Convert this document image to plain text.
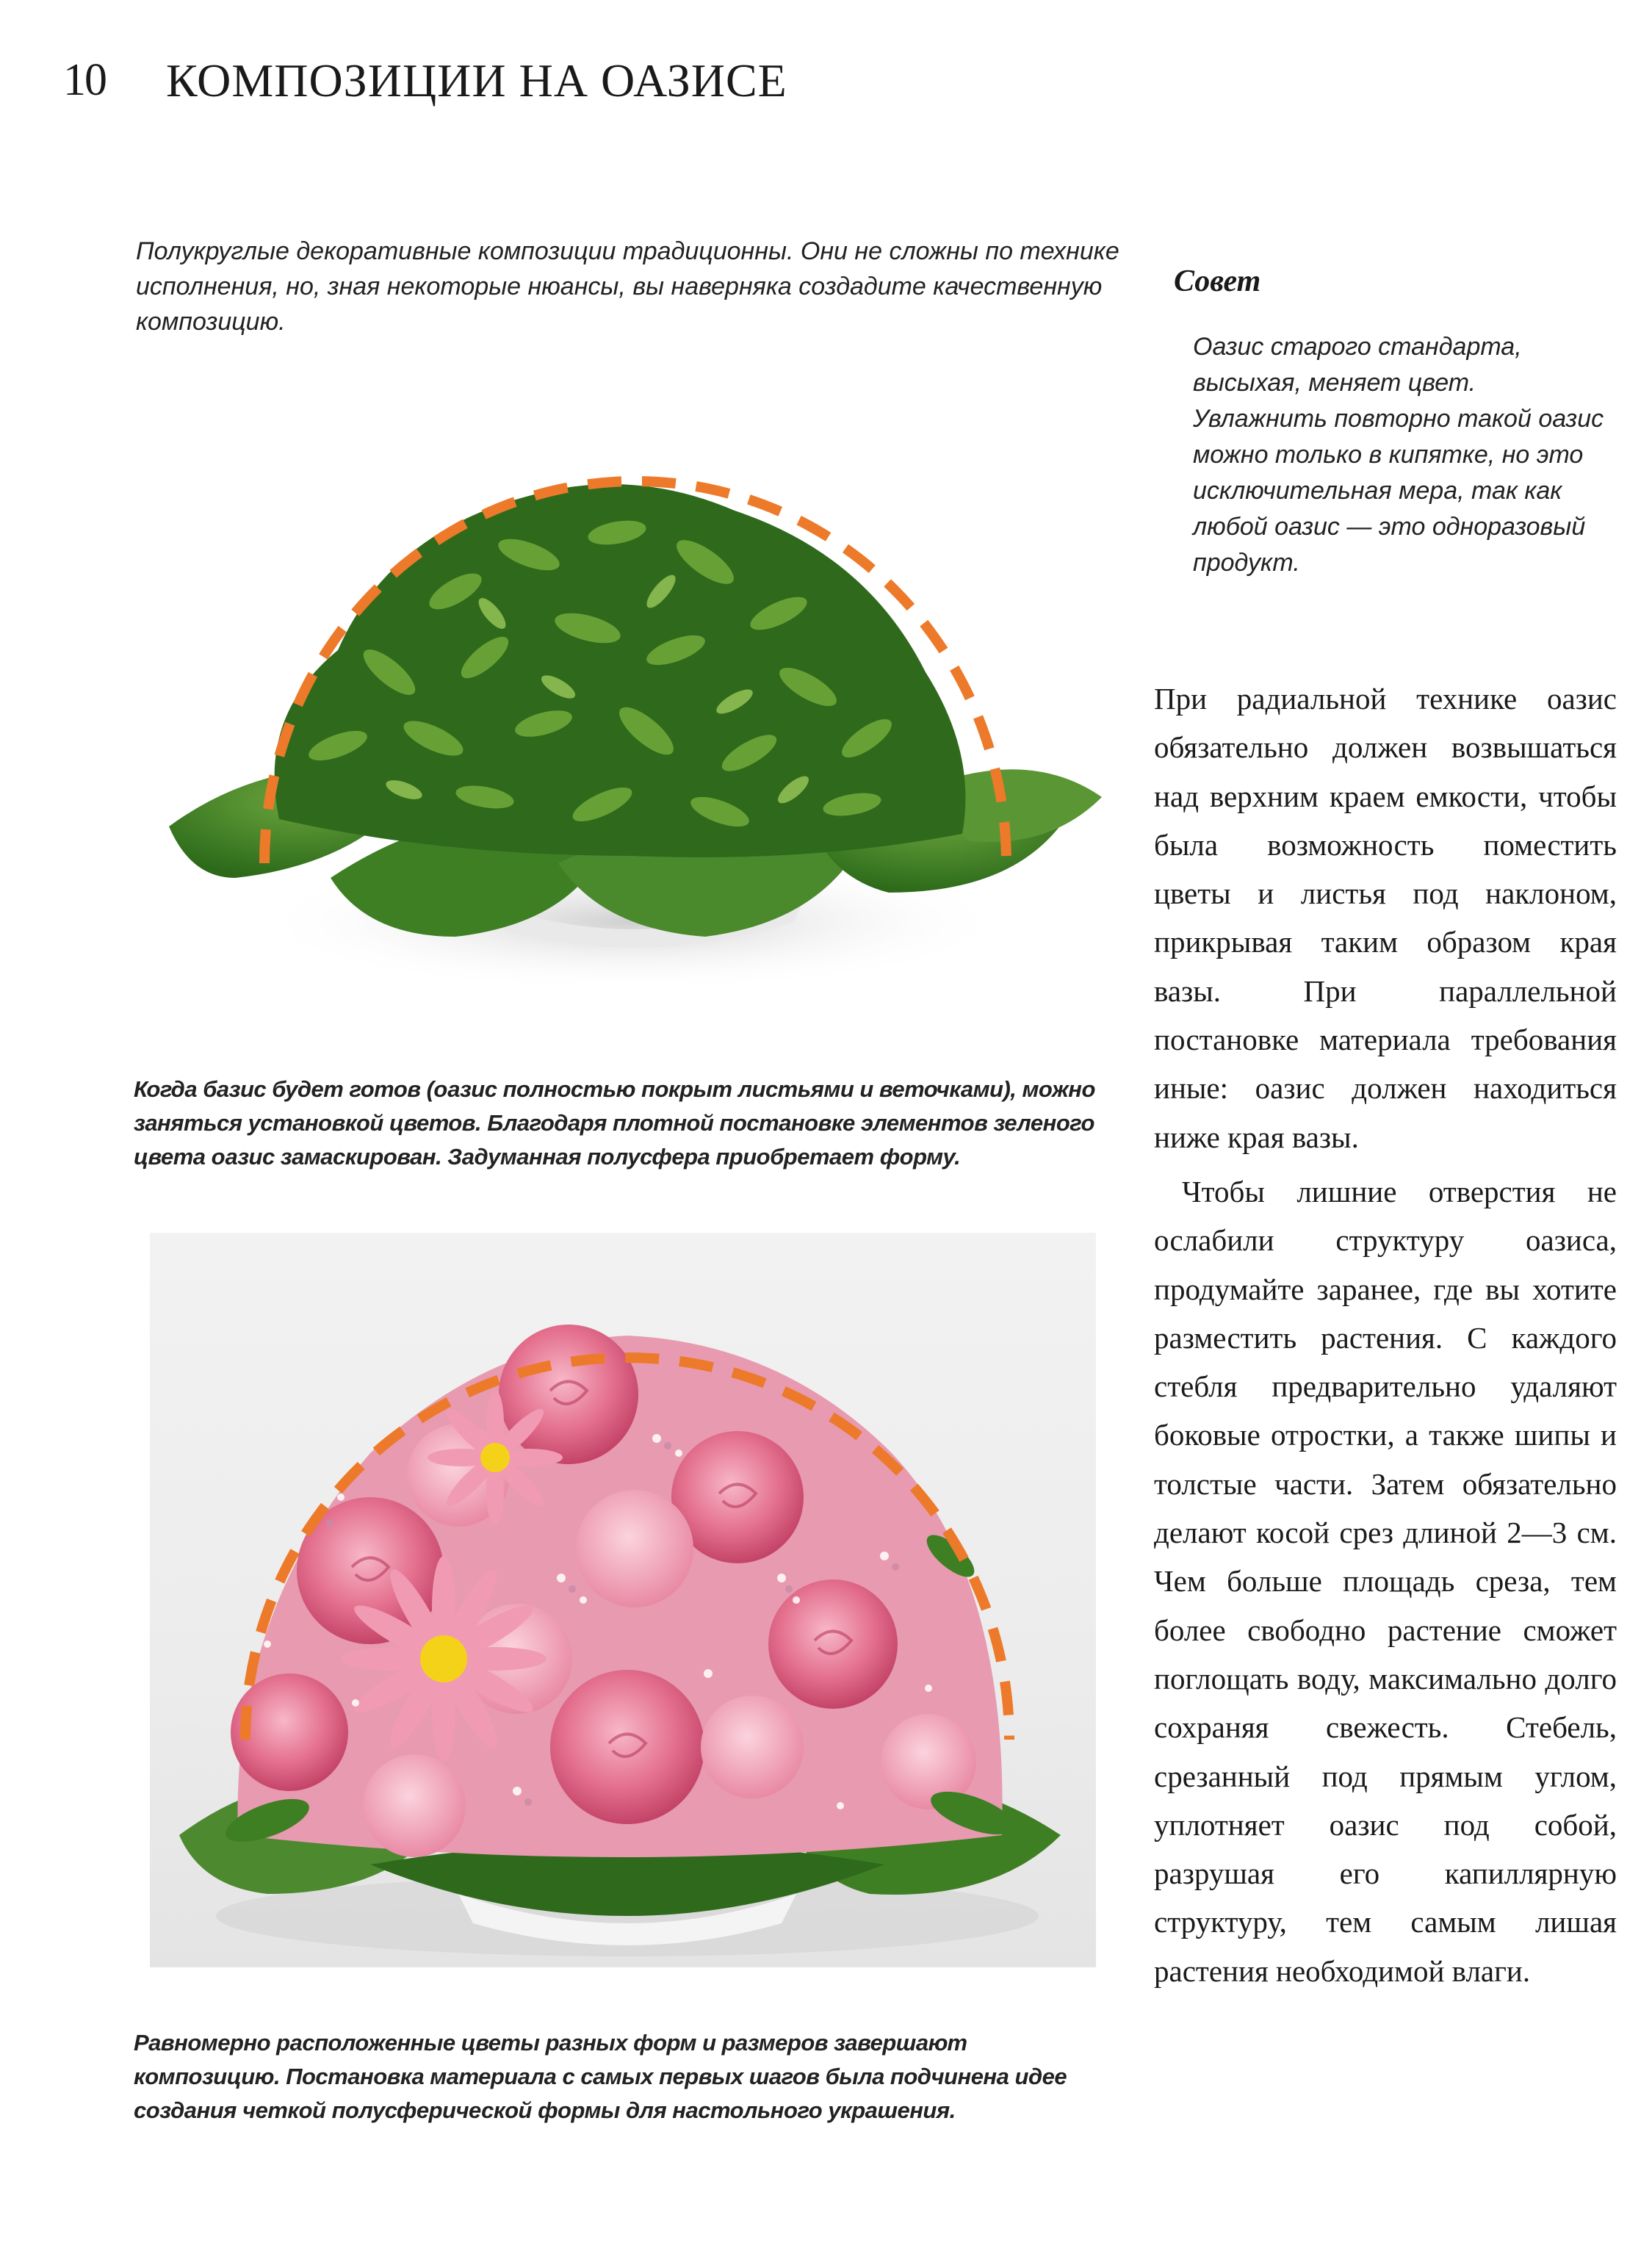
10 КОМПОЗИЦИИ НА ОАЗИСЕ
Полукруглые декоративные композиции традиционны. Они не сложны по технике исполнения, но, зная некоторые нюансы, вы наверняка создадите качественную композицию.
Совет
Оазис старого стандарта, высыхая, меняет цвет. Увлажнить повторно такой оазис можно только в кипятке, но это исключительная мера, так как любой оазис — это одноразовый продукт.
Когда базис будет готов (оазис полностью покрыт листьями и веточками), можно заняться установкой цветов. Благодаря плотной постановке элементов зеленого цвета оазис замаскирован. Задуманная полусфера приобретает форму.
Равномерно расположенные цветы разных форм и размеров завершают композицию. Постановка материала с самых первых шагов была подчинена идее создания четкой полусферической формы для настольного украшения.

При радиальной технике оазис обязательно должен возвышаться над верхним краем емкости, чтобы была возможность поместить цветы и листья под наклоном, прикрывая таким образом края вазы. При параллельной постановке материала требования иные: оазис должен находиться ниже края вазы.

Чтобы лишние отверстия не ослабили структуру оазиса, продумайте заранее, где вы хотите разместить растения. С каждого стебля предварительно удаляют боковые отростки, а также шипы и толстые части. Затем обязательно делают косой срез длиной 2—3 см. Чем больше площадь среза, тем более свободно растение сможет поглощать воду, максимально долго сохраняя свежесть. Стебель, срезанный под прямым углом, уплотняет оазис под собой, разрушая его капиллярную структуру, тем самым лишая растения необходимой влаги.
